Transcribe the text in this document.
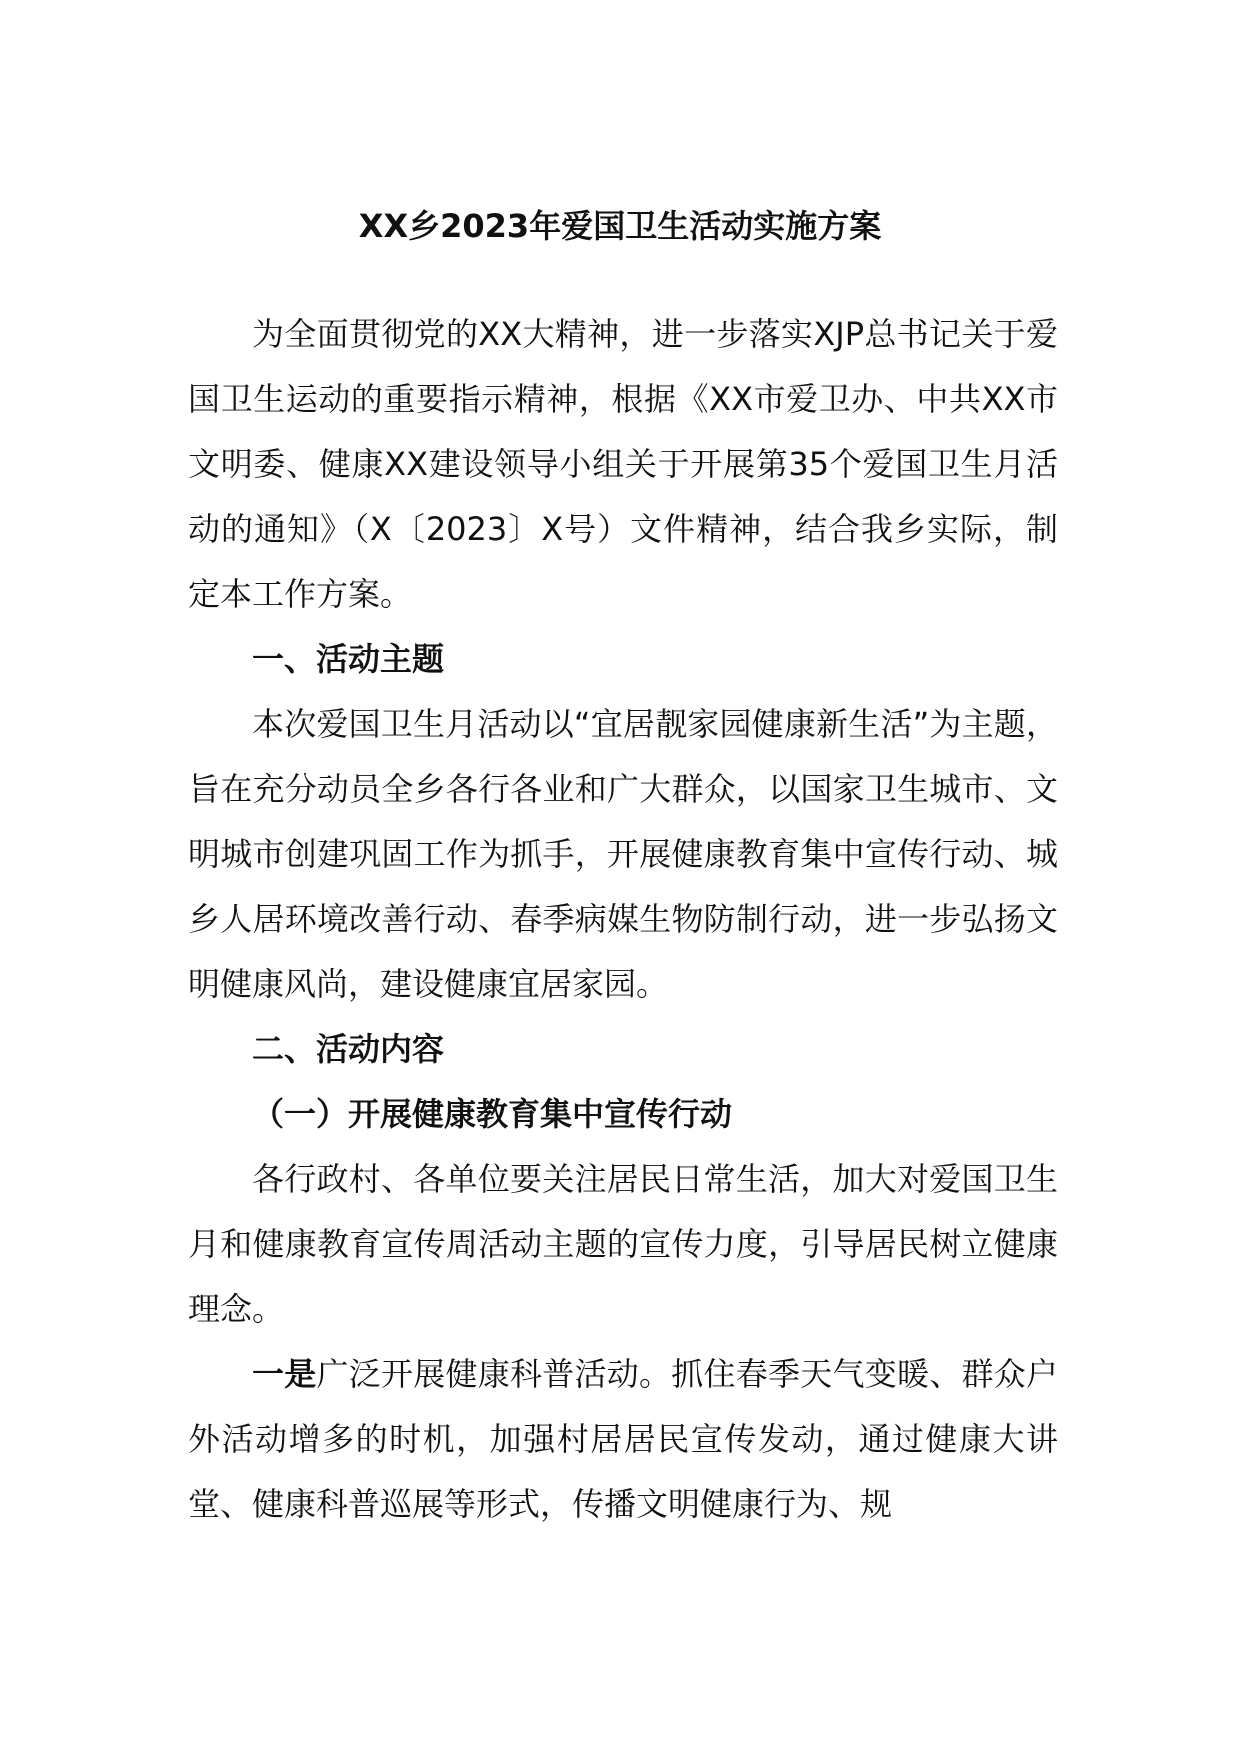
XX乡2023年爱国卫生活动实施方案

为全面贯彻党的XX大精神，进一步落实XJP总书记关于爱国卫生运动的重要指示精神，根据《XX市爱卫办、中共XX市文明委、健康XX建设领导小组关于开展第35个爱国卫生月活动的通知》（X〔2023〕X号）文件精神，结合我乡实际，制定本工作方案。

一、活动主题

本次爱国卫生月活动以“宜居靓家园健康新生活”为主题，旨在充分动员全乡各行各业和广大群众，以国家卫生城市、文明城市创建巩固工作为抓手，开展健康教育集中宣传行动、城乡人居环境改善行动、春季病媒生物防制行动，进一步弘扬文明健康风尚，建设健康宜居家园。

二、活动内容

（一）开展健康教育集中宣传行动

各行政村、各单位要关注居民日常生活，加大对爱国卫生月和健康教育宣传周活动主题的宣传力度，引导居民树立健康理念。

一是广泛开展健康科普活动。抓住春季天气变暖、群众户外活动增多的时机，加强村居居民宣传发动，通过健康大讲堂、健康科普巡展等形式，传播文明健康行为、规
